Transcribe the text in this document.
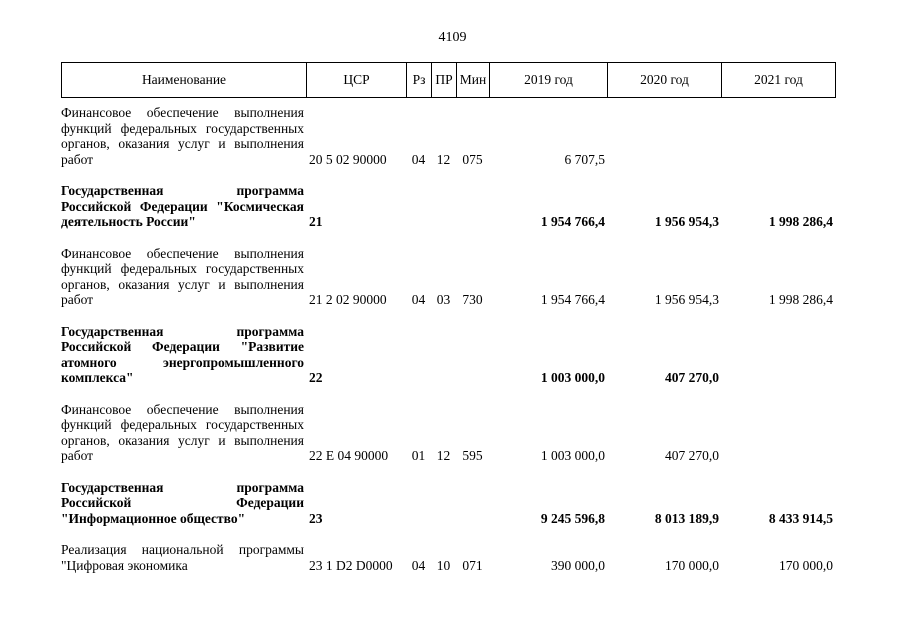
4109
Наименование	ЦСР	Рз	ПР	Мин	2019 год	2020 год	2021 год
Финансовое обеспечение выполнения функций федеральных государственных органов, оказания услуг и выполнения работ	20 5 02 90000	04	12	075	6 707,5		

Государственная программа Российской Федерации "Космическая деятельность России"	21				1 954 766,4	1 956 954,3	1 998 286,4

Финансовое обеспечение выполнения функций федеральных государственных органов, оказания услуг и выполнения работ	21 2 02 90000	04	03	730	1 954 766,4	1 956 954,3	1 998 286,4

Государственная программа Российской Федерации "Развитие атомного энергопромышленного комплекса"	22				1 003 000,0	407 270,0	

Финансовое обеспечение выполнения функций федеральных государственных органов, оказания услуг и выполнения работ	22 Е 04 90000	01	12	595	1 003 000,0	407 270,0	

Государственная программа Российской Федерации "Информационное общество"	23				9 245 596,8	8 013 189,9	8 433 914,5

Реализация национальной программы "Цифровая экономика	23 1 D2 D0000	04	10	071	390 000,0	170 000,0	170 000,0
